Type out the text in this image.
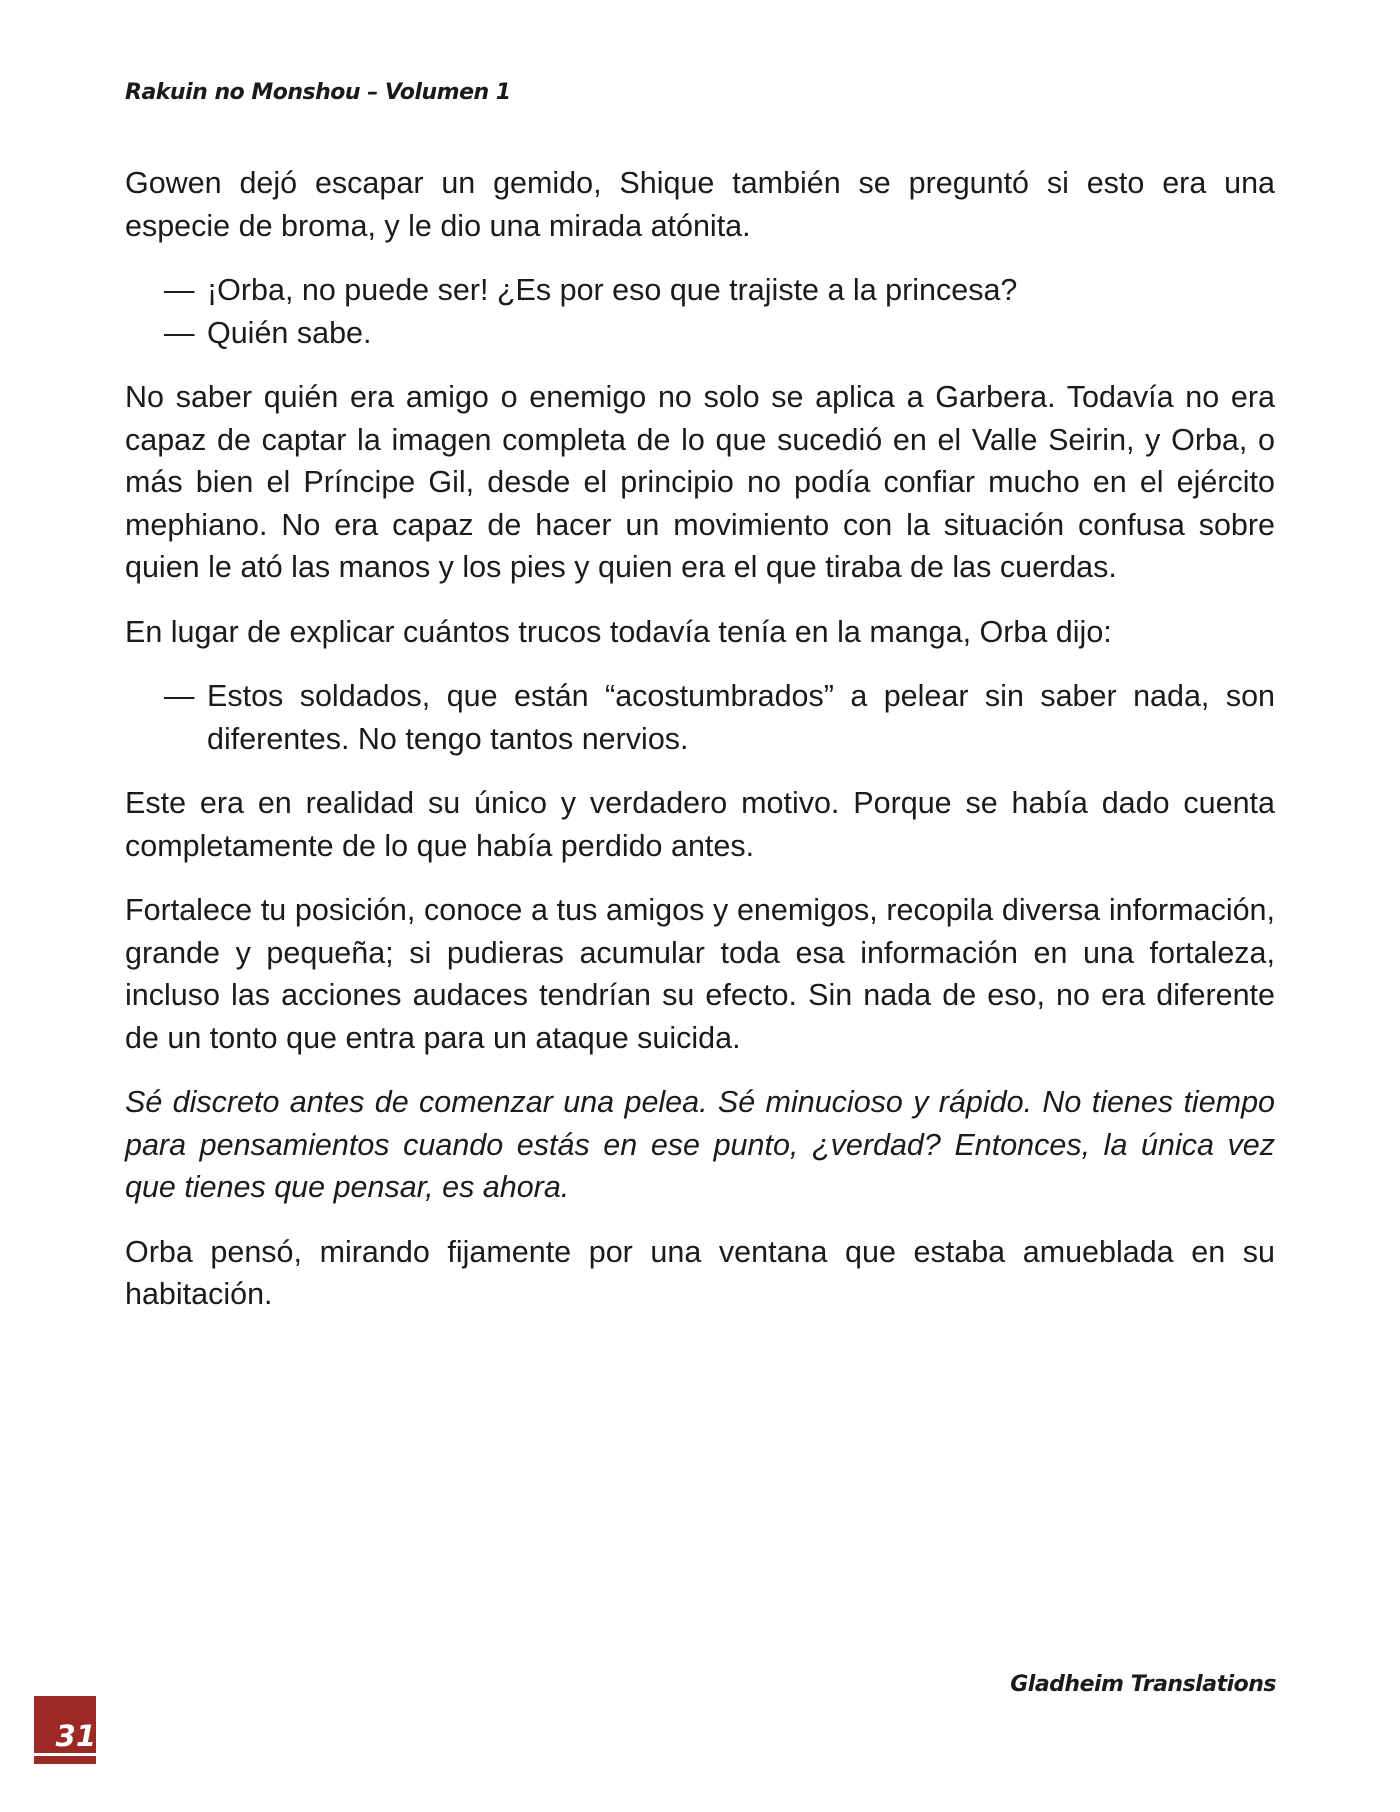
Rakuin no Monshou – Volumen 1

Gowen dejó escapar un gemido, Shique también se preguntó si esto era una especie de broma, y le dio una mirada atónita.

— ¡Orba, no puede ser! ¿Es por eso que trajiste a la princesa?
— Quién sabe.

No saber quién era amigo o enemigo no solo se aplica a Garbera. Todavía no era capaz de captar la imagen completa de lo que sucedió en el Valle Seirin, y Orba, o más bien el Príncipe Gil, desde el principio no podía confiar mucho en el ejército mephiano. No era capaz de hacer un movimiento con la situación confusa sobre quien le ató las manos y los pies y quien era el que tiraba de las cuerdas.

En lugar de explicar cuántos trucos todavía tenía en la manga, Orba dijo:

— Estos soldados, que están “acostumbrados” a pelear sin saber nada, son diferentes. No tengo tantos nervios.

Este era en realidad su único y verdadero motivo. Porque se había dado cuenta completamente de lo que había perdido antes.

Fortalece tu posición, conoce a tus amigos y enemigos, recopila diversa información, grande y pequeña; si pudieras acumular toda esa información en una fortaleza, incluso las acciones audaces tendrían su efecto. Sin nada de eso, no era diferente de un tonto que entra para un ataque suicida.

Sé discreto antes de comenzar una pelea. Sé minucioso y rápido. No tienes tiempo para pensamientos cuando estás en ese punto, ¿verdad? Entonces, la única vez que tienes que pensar, es ahora.

Orba pensó, mirando fijamente por una ventana que estaba amueblada en su habitación.

Gladheim Translations
31
